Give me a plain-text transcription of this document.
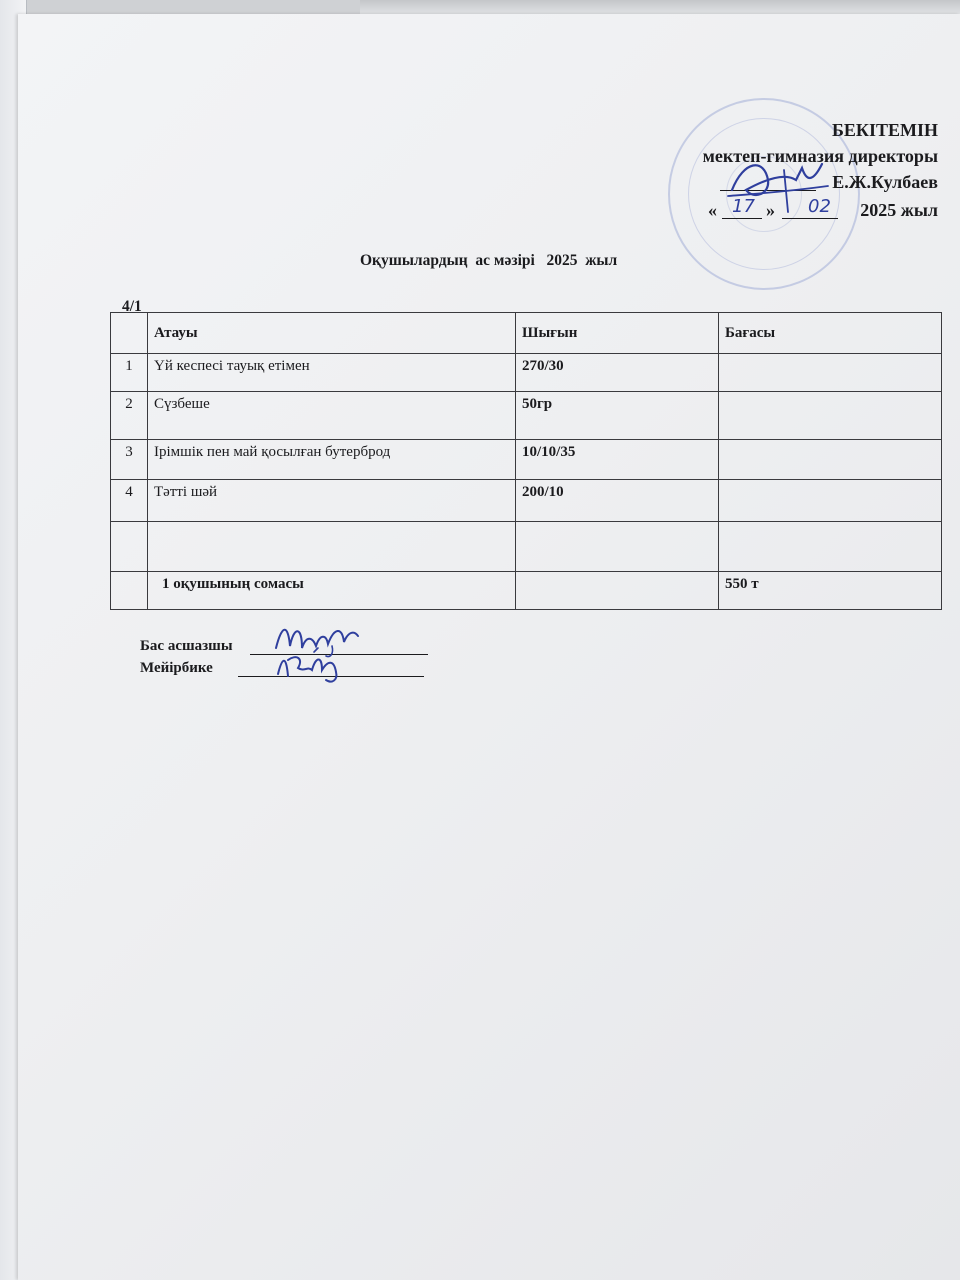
БЕКІТЕМІН
мектеп-гимназия директоры
Е.Ж.Кулбаев
« 17 »	02	2025 жыл
Оқушылардың  ас мәзірі   2025  жыл
4/1
	Атауы	Шығын	Бағасы
1	Үй кеспесі тауық етімен	270/30	
2	Сүзбеше	50гр	
3	Ірімшік пен май қосылған бутерброд	10/10/35	
4	Тәтті шәй	200/10	

	1 оқушының сомасы		550 т
Бас асшазшы
Мейірбике
